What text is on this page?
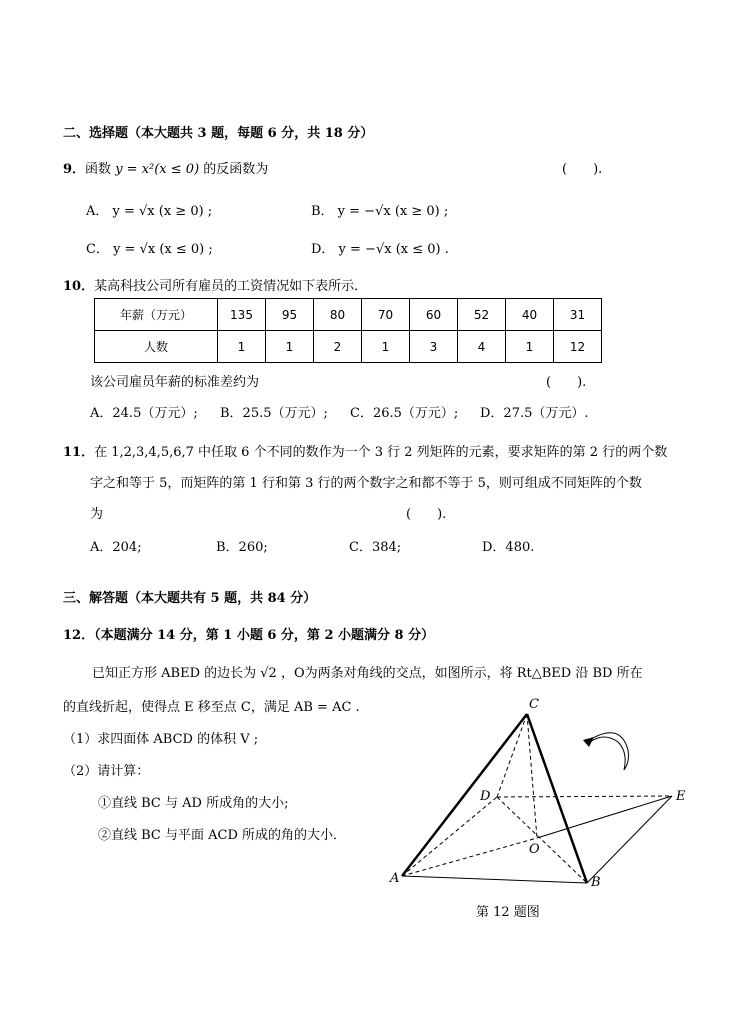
二、选择题（本大题共 3 题，每题 6 分，共 18 分）
9．函数 y = x²(x ≤ 0) 的反函数为	(　　).
A． y = √x (x ≥ 0) ;	B． y = −√x (x ≥ 0) ;
C． y = √x (x ≤ 0) ;	D． y = −√x (x ≤ 0) .
10．某高科技公司所有雇员的工资情况如下表所示．
年薪（万元）	135	95	80	70	60	52	40	31
人数	1	1	2	1	3	4	1	12
该公司雇员年薪的标准差约为	(　　).
A．24.5（万元）; B．25.5（万元）; C．26.5（万元）; D．27.5（万元）.
11．在 1,2,3,4,5,6,7 中任取 6 个不同的数作为一个 3 行 2 列矩阵的元素，要求矩阵的第 2 行的两个数
字之和等于 5，而矩阵的第 1 行和第 3 行的两个数字之和都不等于 5，则可组成不同矩阵的个数
为	(　　).
A．204;	B．260;	C．384;	D．480.
三、解答题（本大题共有 5 题，共 84 分）
12．（本题满分 14 分，第 1 小题 6 分，第 2 小题满分 8 分）
已知正方形 ABED 的边长为 √2 ，O为两条对角线的交点，如图所示，将 Rt△BED 沿 BD 所在
的直线折起，使得点 E 移至点 C，满足 AB = AC .
（1）求四面体 ABCD 的体积 V ;
（2）请计算：
①直线 BC 与 AD 所成角的大小;
②直线 BC 与平面 ACD 所成的角的大小．
C
D	E
O
A	B
第 12 题图
